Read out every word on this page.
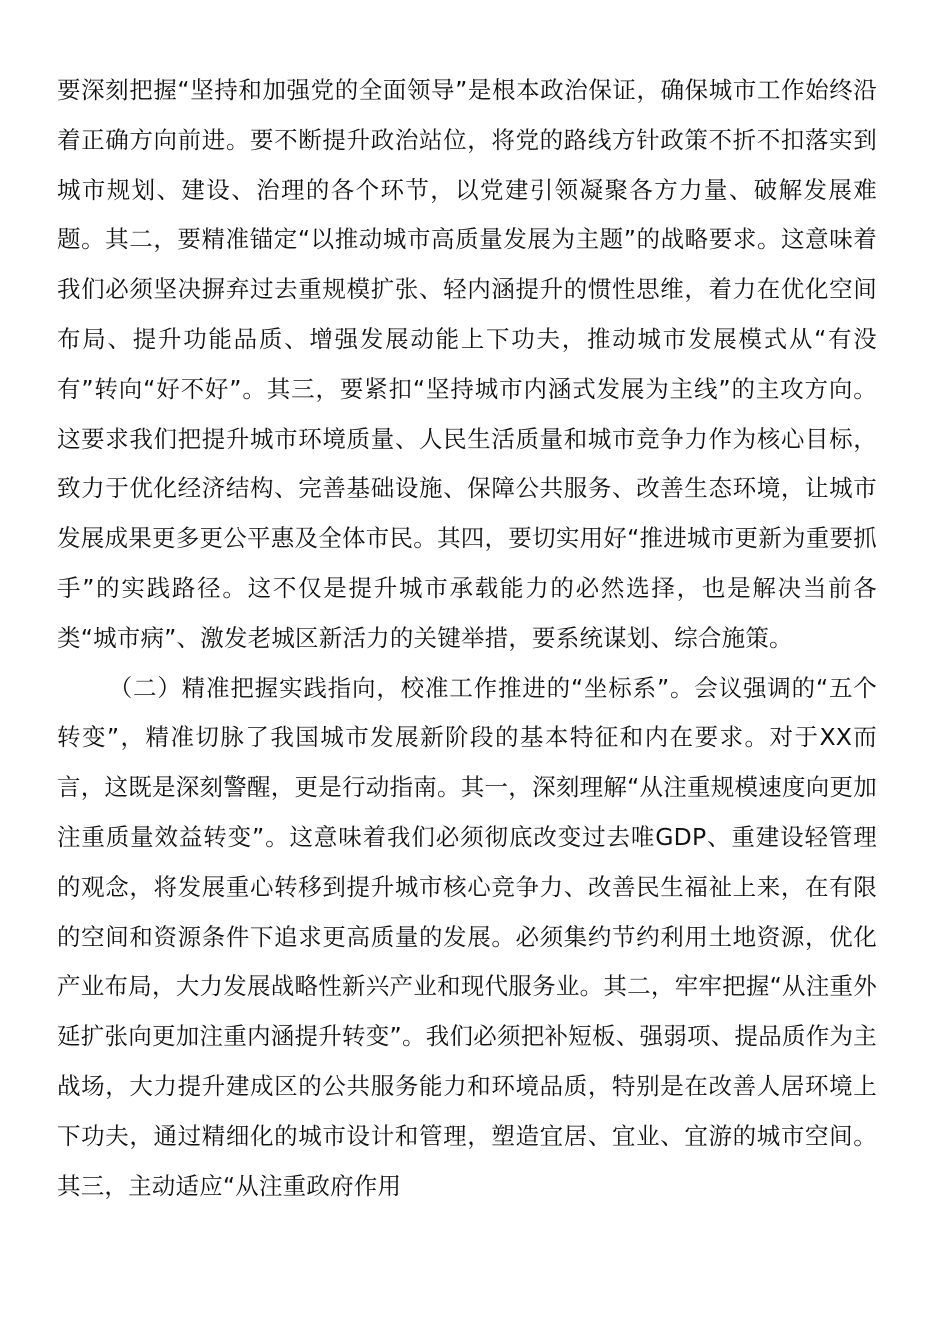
要深刻把握“坚持和加强党的全面领导”是根本政治保证，确保城市工作始终沿着正确方向前进。要不断提升政治站位，将党的路线方针政策不折不扣落实到城市规划、建设、治理的各个环节，以党建引领凝聚各方力量、破解发展难题。其二，要精准锚定“以推动城市高质量发展为主题”的战略要求。这意味着我们必须坚决摒弃过去重规模扩张、轻内涵提升的惯性思维，着力在优化空间布局、提升功能品质、增强发展动能上下功夫，推动城市发展模式从“有没有”转向“好不好”。其三，要紧扣“坚持城市内涵式发展为主线”的主攻方向。这要求我们把提升城市环境质量、人民生活质量和城市竞争力作为核心目标，致力于优化经济结构、完善基础设施、保障公共服务、改善生态环境，让城市发展成果更多更公平惠及全体市民。其四，要切实用好“推进城市更新为重要抓手”的实践路径。这不仅是提升城市承载能力的必然选择，也是解决当前各类“城市病”、激发老城区新活力的关键举措，要系统谋划、综合施策。

（二）精准把握实践指向，校准工作推进的“坐标系”。会议强调的“五个转变”，精准切脉了我国城市发展新阶段的基本特征和内在要求。对于XX而言，这既是深刻警醒，更是行动指南。其一，深刻理解“从注重规模速度向更加注重质量效益转变”。这意味着我们必须彻底改变过去唯GDP、重建设轻管理的观念，将发展重心转移到提升城市核心竞争力、改善民生福祉上来，在有限的空间和资源条件下追求更高质量的发展。必须集约节约利用土地资源，优化产业布局，大力发展战略性新兴产业和现代服务业。其二，牢牢把握“从注重外延扩张向更加注重内涵提升转变”。我们必须把补短板、强弱项、提品质作为主战场，大力提升建成区的公共服务能力和环境品质，特别是在改善人居环境上下功夫，通过精细化的城市设计和管理，塑造宜居、宜业、宜游的城市空间。其三，主动适应“从注重政府作用
